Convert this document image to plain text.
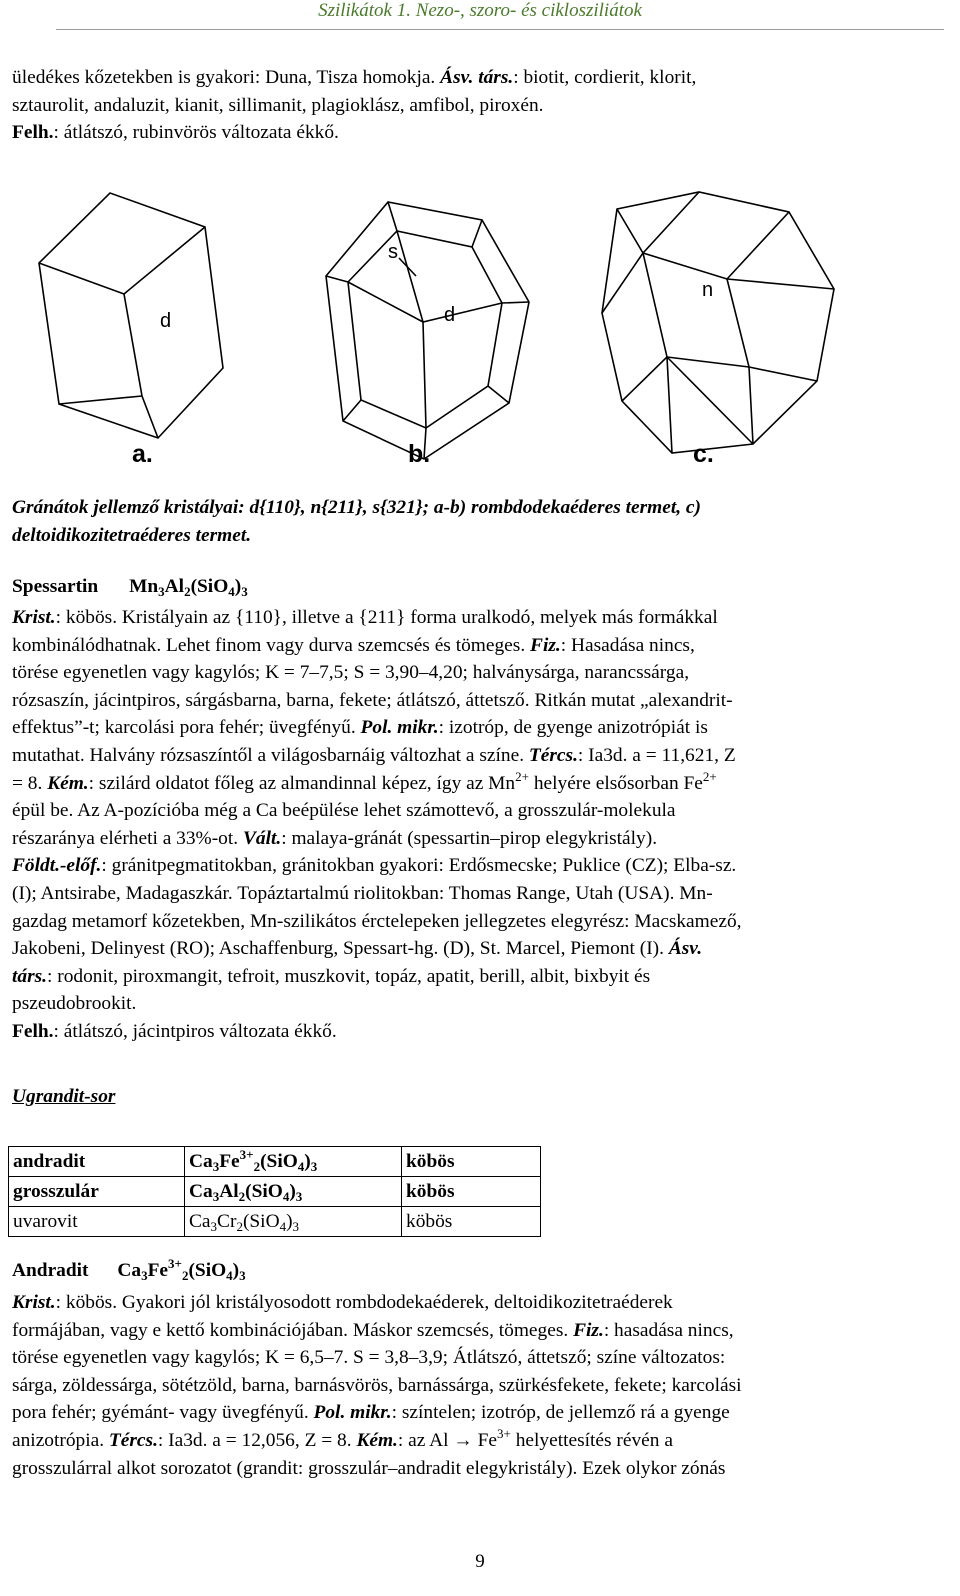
Szilikátok 1. Nezo-, szoro- és ciklosziliátok

üledékes kőzetekben is gyakori: Duna, Tisza homokja. Ásv. társ.: biotit, cordierit, klorit,
sztaurolit, andaluzit, kianit, sillimanit, plagioklász, amfibol, piroxén.
Felh.: átlátszó, rubinvörös változata ékkő.

d
s
d
n
a.	b.	c.
Gránátok jellemző kristályai: d{110}, n{211}, s{321}; a-b) rombdodekaéderes termet, c)
deltoidikozitetraéderes termet.
Spessartin $Mn_3Al_2(SiO_4)_3$

Krist.: köbös. Kristályain az {110}, illetve a {211} forma uralkodó, melyek más formákkal
kombinálódhatnak. Lehet finom vagy durva szemcsés és tömeges. Fiz.: Hasadása nincs,
törése egyenetlen vagy kagylós; K = 7–7,5; S = 3,90–4,20; halványsárga, narancssárga,
rózsaszín, jácintpiros, sárgásbarna, barna, fekete; átlátszó, áttetsző. Ritkán mutat „alexandrit-
effektus”-t; karcolási pora fehér; üvegfényű. Pol. mikr.: izotróp, de gyenge anizotrópiát is
mutathat. Halvány rózsaszíntől a világosbarnáig változhat a színe. Tércs.: Ia3d. a = 11,621, Z
= 8. Kém.: szilárd oldatot főleg az almandinnal képez, így az $Mn^{2+}$ helyére elsősorban $Fe^{2+}$
épül be. Az A-pozícióba még a Ca beépülése lehet számottevő, a grosszulár-molekula
részaránya elérheti a 33%-ot. Vált.: malaya-gránát (spessartin–pirop elegykristály).
Földt.-előf.: gránitpegmatitokban, gránitokban gyakori: Erdősmecske; Puklice (CZ); Elba-sz.
(I); Antsirabe, Madagaszkár. Topáztartalmú riolitokban: Thomas Range, Utah (USA). Mn-
gazdag metamorf kőzetekben, Mn-szilikátos érctelepeken jellegzetes elegyrész: Macskamező,
Jakobeni, Delinyest (RO); Aschaffenburg, Spessart-hg. (D), St. Marcel, Piemont (I). Ásv.
társ.: rodonit, piroxmangit, tefroit, muszkovit, topáz, apatit, berill, albit, bixbyit és
pszeudobrookit.
Felh.: átlátszó, jácintpiros változata ékkő.

Ugrandit-sor
andradit	$Ca_3Fe^{3+}_2(SiO_4)_3$	köbös
grosszulár	$Ca_3Al_2(SiO_4)_3$	köbös
uvarovit	$Ca_3Cr_2(SiO_4)_3$	köbös
Andradit $Ca_3Fe^{3+}_2(SiO_4)_3$

Krist.: köbös. Gyakori jól kristályosodott rombdodekaéderek, deltoidikozitetraéderek
formájában, vagy e kettő kombinációjában. Máskor szemcsés, tömeges. Fiz.: hasadása nincs,
törése egyenetlen vagy kagylós; K = 6,5–7. S = 3,8–3,9; Átlátszó, áttetsző; színe változatos:
sárga, zöldessárga, sötétzöld, barna, barnásvörös, barnássárga, szürkésfekete, fekete; karcolási
pora fehér; gyémánt- vagy üvegfényű. Pol. mikr.: színtelen; izotróp, de jellemző rá a gyenge
anizotrópia. Tércs.: Ia3d. a = 12,056, Z = 8. Kém.: az $Al \to Fe^{3+}$ helyettesítés révén a
grosszulárral alkot sorozatot (grandit: grosszulár–andradit elegykristály). Ezek olykor zónás

9
